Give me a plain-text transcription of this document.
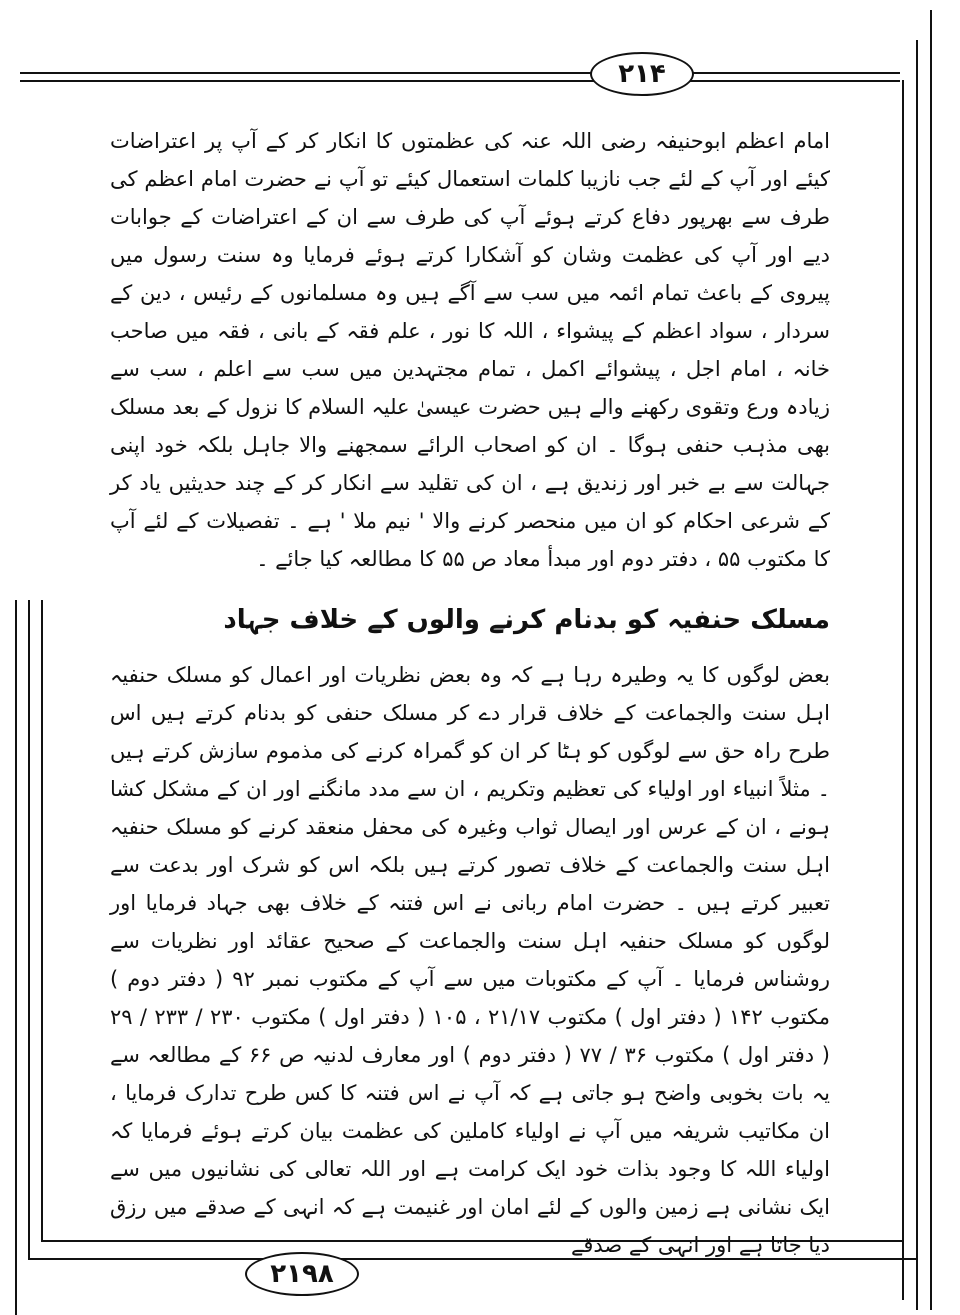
۲۱۴

امام اعظم ابوحنیفہ رضی اللہ عنہ کی عظمتوں کا انکار کر کے آپ پر اعتراضات کیئے اور آپ کے لئے جب نازیبا کلمات استعمال کیئے تو آپ نے حضرت امام اعظم کی طرف سے بھرپور دفاع کرتے ہوئے آپ کی طرف سے ان کے اعتراضات کے جوابات دیے اور آپ کی عظمت وشان کو آشکارا کرتے ہوئے فرمایا وہ سنت رسول میں پیروی کے باعث تمام ائمہ میں سب سے آگے ہیں وہ مسلمانوں کے رئیس ، دین کے سردار ، سواد اعظم کے پیشواء ، اللہ کا نور ، علم فقہ کے بانی ، فقہ میں صاحب خانہ ، امام اجل ، پیشوائے اکمل ، تمام مجتہدین میں سب سے اعلم ، سب سے زیادہ ورع وتقوی رکھنے والے ہیں حضرت عیسیٰ علیہ السلام کا نزول کے بعد مسلک بھی مذہب حنفی ہوگا ۔ ان کو اصحاب الرائے سمجھنے والا جاہل بلکہ خود اپنی جہالت سے بے خبر اور زندیق ہے ، ان کی تقلید سے انکار کر کے چند حدیثیں یاد کر کے شرعی احکام کو ان میں منحصر کرنے والا ' نیم ملا ' ہے ۔ تفصیلات کے لئے آپ کا مکتوب ۵۵ ، دفتر دوم اور مبدأ معاد ص ۵۵ کا مطالعہ کیا جائے ۔

مسلک حنفیہ کو بدنام کرنے والوں کے خلاف جہاد

بعض لوگوں کا یہ وطیرہ رہا ہے کہ وہ بعض نظریات اور اعمال کو مسلک حنفیہ اہل سنت والجماعت کے خلاف قرار دے کر مسلک حنفی کو بدنام کرتے ہیں اس طرح راہ حق سے لوگوں کو ہٹا کر ان کو گمراہ کرنے کی مذموم سازش کرتے ہیں ۔ مثلاً انبیاء اور اولیاء کی تعظیم وتکریم ، ان سے مدد مانگنے اور ان کے مشکل کشا ہونے ، ان کے عرس اور ایصال ثواب وغیرہ کی محفل منعقد کرنے کو مسلک حنفیہ اہل سنت والجماعت کے خلاف تصور کرتے ہیں بلکہ اس کو شرک اور بدعت سے تعبیر کرتے ہیں ۔ حضرت امام ربانی نے اس فتنہ کے خلاف بھی جہاد فرمایا اور لوگوں کو مسلک حنفیہ اہل سنت والجماعت کے صحیح عقائد اور نظریات سے روشناس فرمایا ۔ آپ کے مکتوبات میں سے آپ کے مکتوب نمبر ۹۲ ( دفتر دوم ) مکتوب ۱۴۲ ( دفتر اول ) مکتوب ۲۱/۱۷ ، ۱۰۵ ( دفتر اول ) مکتوب ۲۳۰ / ۲۳۳ / ۲۹ ( دفتر اول ) مکتوب ۳۶ / ۷۷ ( دفتر دوم ) اور معارف لدنیہ ص ۶۶ کے مطالعہ سے یہ بات بخوبی واضح ہو جاتی ہے کہ آپ نے اس فتنہ کا کس طرح تدارک فرمایا ، ان مکاتیب شریفہ میں آپ نے اولیاء کاملین کی عظمت بیان کرتے ہوئے فرمایا کہ اولیاء اللہ کا وجود بذات خود ایک کرامت ہے اور اللہ تعالی کی نشانیوں میں سے ایک نشانی ہے زمین والوں کے لئے امان اور غنیمت ہے کہ انہی کے صدقے میں رزق دیا جاتا ہے اور انہی کے صدقے

۲۱۹۸
